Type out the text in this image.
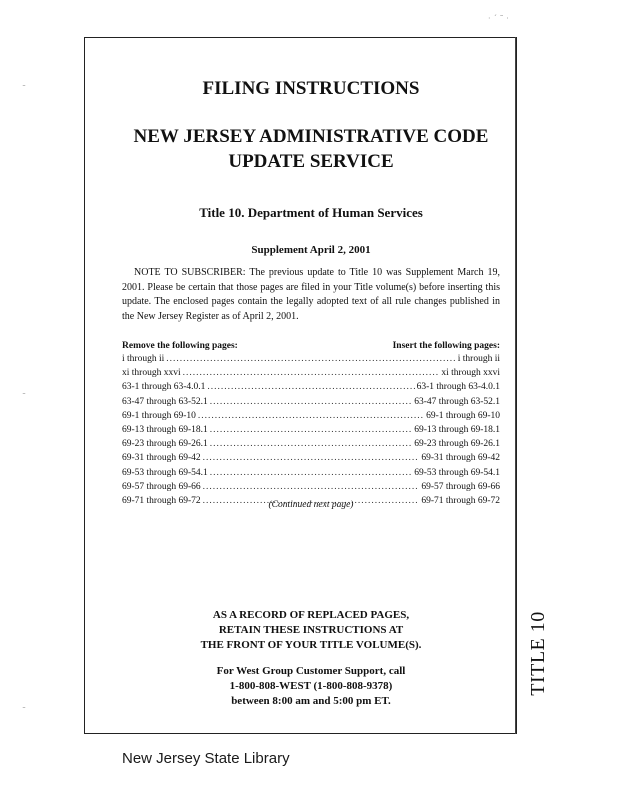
TITLE 10
FILING INSTRUCTIONS
NEW JERSEY ADMINISTRATIVE CODE
UPDATE SERVICE
Title 10. Department of Human Services
Supplement April 2, 2001
NOTE TO SUBSCRIBER: The previous update to Title 10 was Supplement March 19, 2001. Please be certain that those pages are filed in your Title volume(s) before inserting this update. The enclosed pages contain the legally adopted text of all rule changes published in the New Jersey Register as of April 2, 2001.
Remove the following pages:	Insert the following pages:
i through ii .....	i through ii
xi through xxvi .....	xi through xxvi
63-1 through 63-4.0.1 .....	63-1 through 63-4.0.1
63-47 through 63-52.1 .....	63-47 through 63-52.1
69-1 through 69-10 .....	69-1 through 69-10
69-13 through 69-18.1 .....	69-13 through 69-18.1
69-23 through 69-26.1 .....	69-23 through 69-26.1
69-31 through 69-42 .....	69-31 through 69-42
69-53 through 69-54.1 .....	69-53 through 69-54.1
69-57 through 69-66 .....	69-57 through 69-66
69-71 through 69-72 .....	69-71 through 69-72
(Continued next page)
AS A RECORD OF REPLACED PAGES,
RETAIN THESE INSTRUCTIONS AT
THE FRONT OF YOUR TITLE VOLUME(S).
For West Group Customer Support, call
1-800-808-WEST (1-800-808-9378)
between 8:00 am and 5:00 pm ET.
New Jersey State Library
˜
˜
˜
· ´ ˜ ·
